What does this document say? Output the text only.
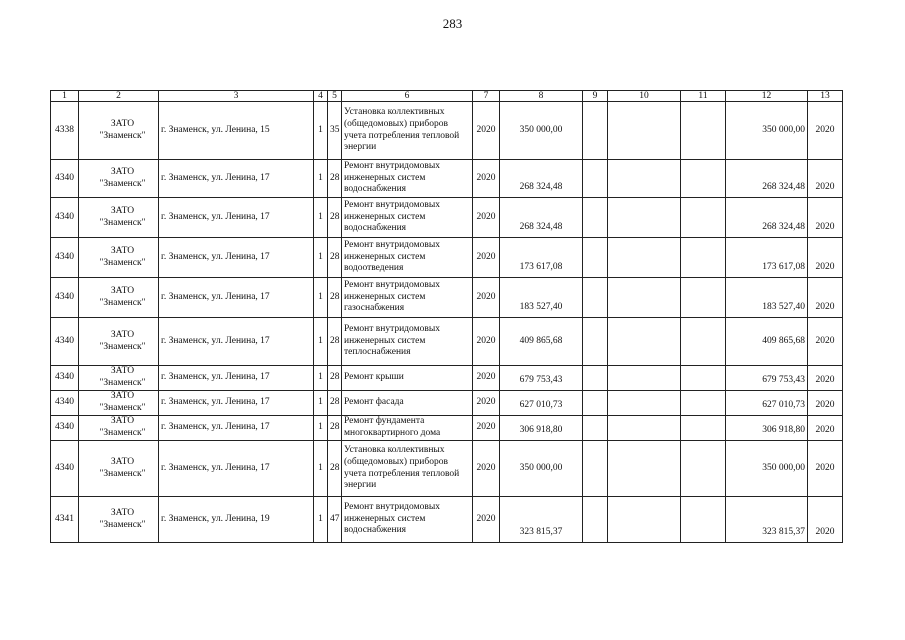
283
1	2	3	4	5	6	7	8	9	10	11	12	13
4338	ЗАТО "Знаменск"	г. Знаменск, ул. Ленина, 15	1	35	Установка коллективных (общедомовых) приборов учета потребления тепловой энергии	2020	350 000,00				350 000,00	2020
4340	ЗАТО "Знаменск"	г. Знаменск, ул. Ленина, 17	1	28	Ремонт внутридомовых инженерных систем водоснабжения	2020	268 324,48				268 324,48	2020
4340	ЗАТО "Знаменск"	г. Знаменск, ул. Ленина, 17	1	28	Ремонт внутридомовых инженерных систем водоснабжения	2020	268 324,48				268 324,48	2020
4340	ЗАТО "Знаменск"	г. Знаменск, ул. Ленина, 17	1	28	Ремонт внутридомовых инженерных систем водоотведения	2020	173 617,08				173 617,08	2020
4340	ЗАТО "Знаменск"	г. Знаменск, ул. Ленина, 17	1	28	Ремонт внутридомовых инженерных систем газоснабжения	2020	183 527,40				183 527,40	2020
4340	ЗАТО "Знаменск"	г. Знаменск, ул. Ленина, 17	1	28	Ремонт внутридомовых инженерных систем теплоснабжения	2020	409 865,68				409 865,68	2020
4340	ЗАТО "Знаменск"	г. Знаменск, ул. Ленина, 17	1	28	Ремонт крыши	2020	679 753,43				679 753,43	2020
4340	ЗАТО "Знаменск"	г. Знаменск, ул. Ленина, 17	1	28	Ремонт фасада	2020	627 010,73				627 010,73	2020
4340	ЗАТО "Знаменск"	г. Знаменск, ул. Ленина, 17	1	28	Ремонт фундамента многоквартирного дома	2020	306 918,80				306 918,80	2020
4340	ЗАТО "Знаменск"	г. Знаменск, ул. Ленина, 17	1	28	Установка коллективных (общедомовых) приборов учета потребления тепловой энергии	2020	350 000,00				350 000,00	2020
4341	ЗАТО "Знаменск"	г. Знаменск, ул. Ленина, 19	1	47	Ремонт внутридомовых инженерных систем водоснабжения	2020	323 815,37				323 815,37	2020
